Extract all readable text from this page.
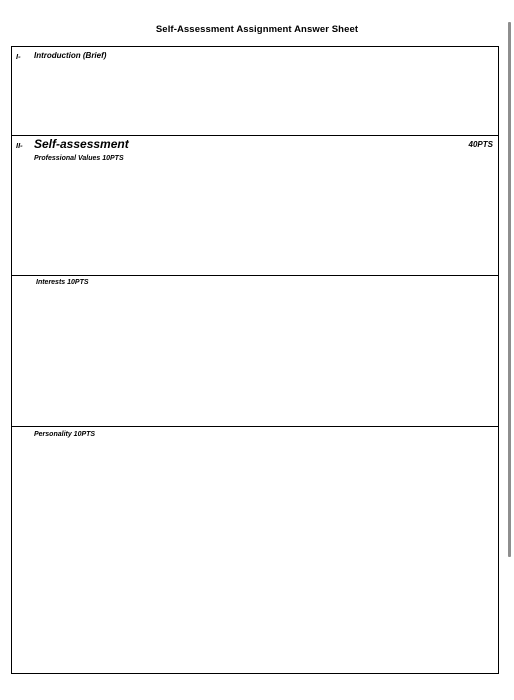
Self-Assessment Assignment Answer Sheet
I- Introduction (Brief)
II- Self-assessment	40PTS
Professional Values 10PTS
Interests 10PTS
Personality 10PTS
